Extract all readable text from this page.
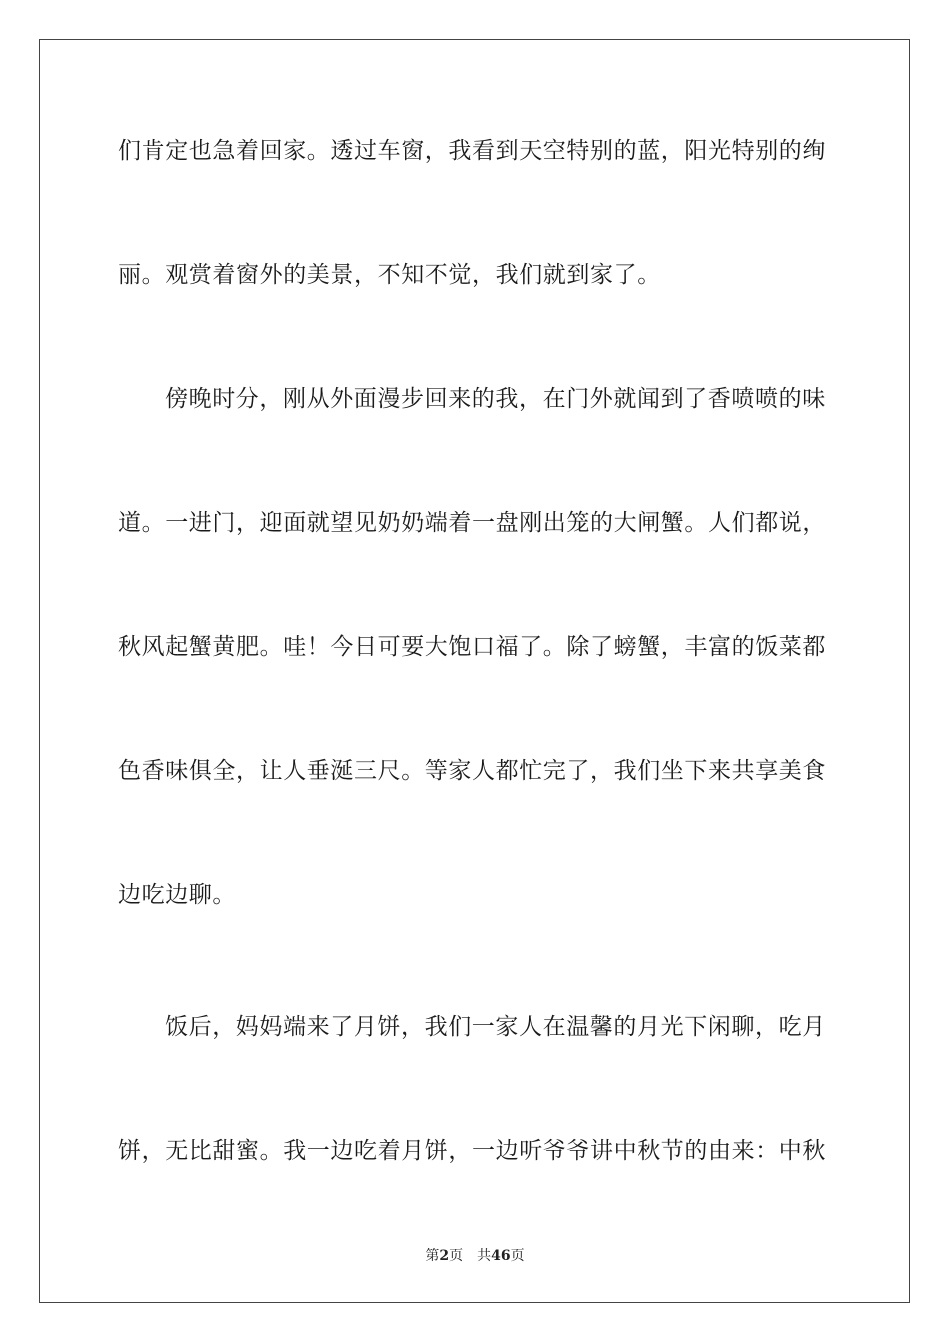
们肯定也急着回家。透过车窗，我看到天空特别的蓝，阳光特别的绚
丽。观赏着窗外的美景，不知不觉，我们就到家了。
傍晚时分，刚从外面漫步回来的我，在门外就闻到了香喷喷的味
道。一进门，迎面就望见奶奶端着一盘刚出笼的大闸蟹。人们都说，
秋风起蟹黄肥。哇！今日可要大饱口福了。除了螃蟹，丰富的饭菜都
色香味俱全，让人垂涎三尺。等家人都忙完了，我们坐下来共享美食
边吃边聊。
饭后，妈妈端来了月饼，我们一家人在温馨的月光下闲聊，吃月
饼，无比甜蜜。我一边吃着月饼，一边听爷爷讲中秋节的由来：中秋
第2页 共46页
